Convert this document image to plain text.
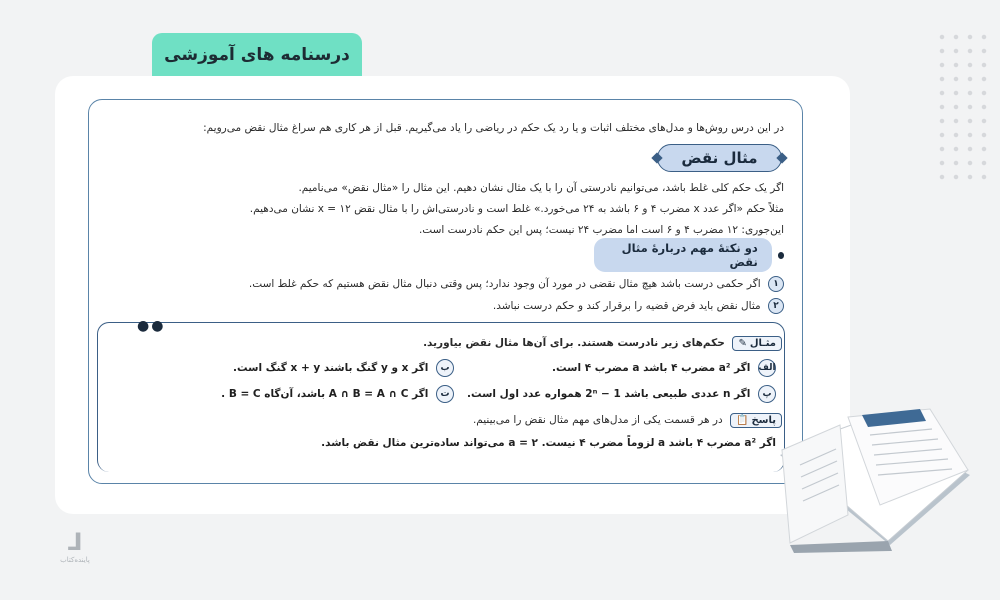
درسنامه های آموزشی
در این درس روش‌ها و مدل‌های مختلف اثبات و یا رد یک حکم در ریاضی را یاد می‌گیریم. قبل از هر کاری هم سراغ مثال نقض می‌رویم:
مثال نقض
اگر یک حکم کلی غلط باشد، می‌توانیم نادرستی آن را با یک مثال نشان دهیم. این مثال را «مثال نقض» می‌نامیم.
مثلاً حکم «اگر عدد x مضرب ۴ و ۶ باشد به ۲۴ می‌خورد.» غلط است و نادرستی‌اش را با مثال نقض ۱۲ = x نشان می‌دهیم.
این‌جوری: ۱۲ مضرب ۴ و ۶ است اما مضرب ۲۴ نیست؛ پس این حکم نادرست است.
دو نکتۀ مهم دربارۀ مثال نقض
۱ اگر حکمی درست باشد هیچ مثال نقضی در مورد آن وجود ندارد؛ پس وقتی دنبال مثال نقض هستیم که حکم غلط است.
۲ مثال نقض باید فرض قضیه را برقرار کند و حکم درست نباشد.
●●
مثـال
✎
حکم‌های زیر نادرست هستند. برای آن‌ها مثال نقض بیاورید.
الف اگر a² مضرب ۴ باشد a مضرب ۴ است.
ب اگر x و y گنگ باشند x + y گنگ است.
پ اگر n عددی طبیعی باشد 1 − 2ⁿ همواره عدد اول است.
ت اگر A ∩ B = A ∩ C باشد، آن‌گاه B = C .
پاسخ
📋
در هر قسمت یکی از مدل‌های مهم مثال نقض را می‌بینیم.
اگر a² مضرب ۴ باشد a لزوماً مضرب ۴ نیست. a = ۲ می‌تواند ساده‌ترین مثال نقض باشد.
ᒧ
پاینده‌کتاب
